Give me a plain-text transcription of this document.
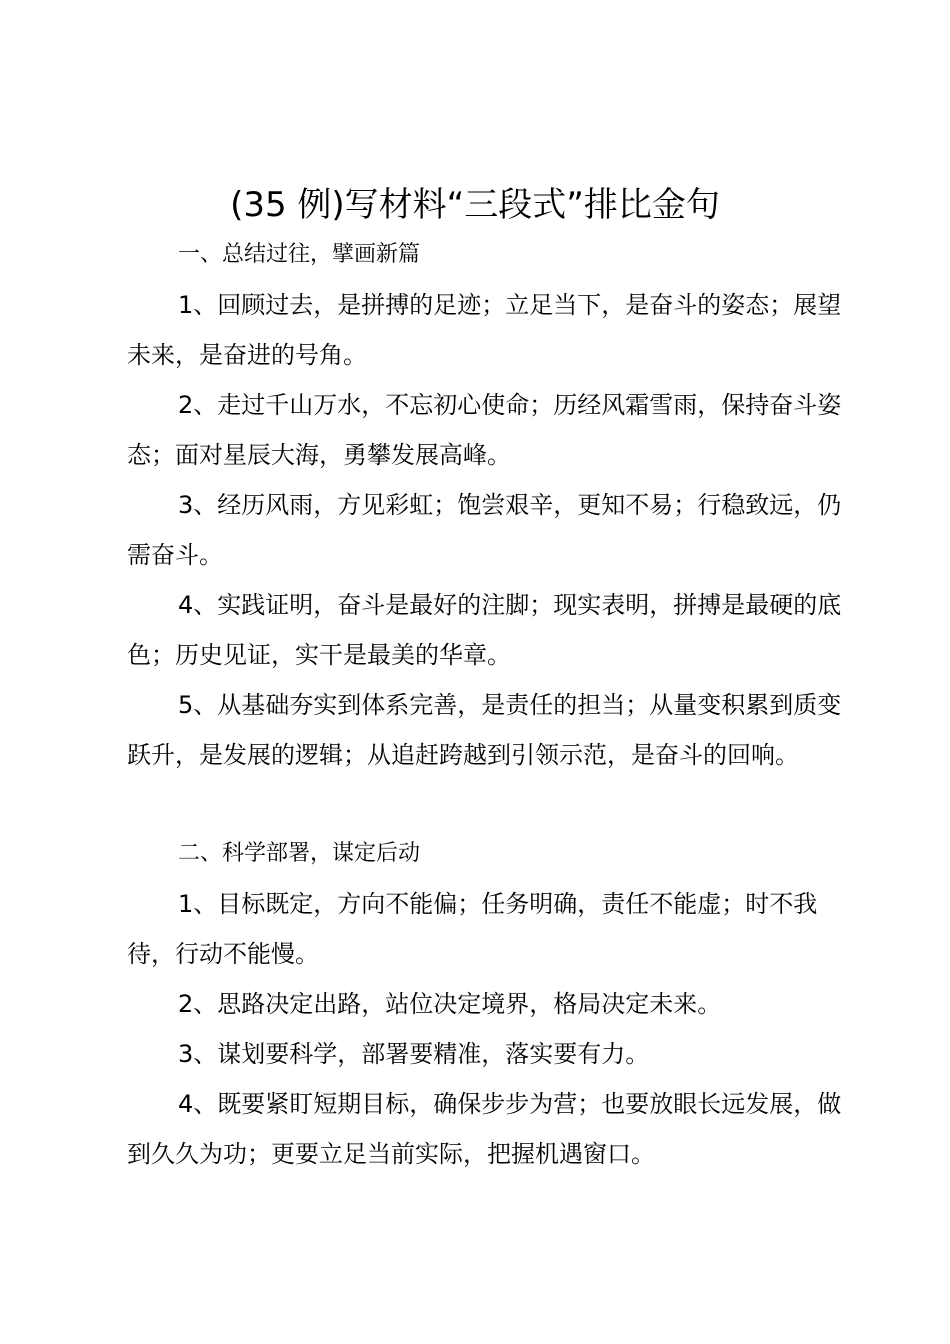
(35 例)写材料“三段式”排比金句
一、总结过往，擘画新篇
1、回顾过去，是拼搏的足迹；立足当下，是奋斗的姿态；展望未来，是奋进的号角。
2、走过千山万水，不忘初心使命；历经风霜雪雨，保持奋斗姿态；面对星辰大海，勇攀发展高峰。
3、经历风雨，方见彩虹；饱尝艰辛，更知不易；行稳致远，仍需奋斗。
4、实践证明，奋斗是最好的注脚；现实表明，拼搏是最硬的底色；历史见证，实干是最美的华章。
5、从基础夯实到体系完善，是责任的担当；从量变积累到质变跃升，是发展的逻辑；从追赶跨越到引领示范，是奋斗的回响。
二、科学部署，谋定后动
1、目标既定，方向不能偏；任务明确，责任不能虚；时不我待，行动不能慢。
2、思路决定出路，站位决定境界，格局决定未来。
3、谋划要科学，部署要精准，落实要有力。
4、既要紧盯短期目标，确保步步为营；也要放眼长远发展，做到久久为功；更要立足当前实际，把握机遇窗口。
